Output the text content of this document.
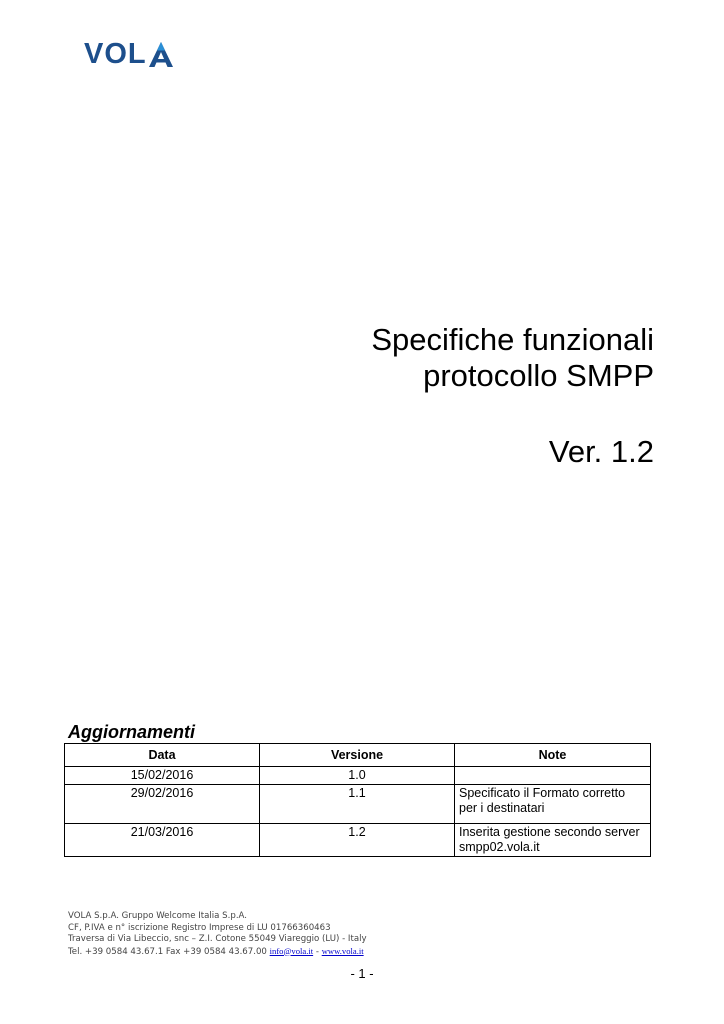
VOL
Specifiche funzionali
protocollo SMPP
Ver. 1.2
Aggiornamenti
Data	Versione	Note
15/02/2016	1.0	
29/02/2016	1.1	Specificato il Formato corretto per i destinatari
21/03/2016	1.2	Inserita gestione secondo server smpp02.vola.it
VOLA S.p.A. Gruppo Welcome Italia S.p.A.
CF, P.IVA e n° iscrizione Registro Imprese di LU 01766360463
Traversa di Via Libeccio, snc – Z.I. Cotone 55049 Viareggio (LU) - Italy
Tel. +39 0584 43.67.1 Fax +39 0584 43.67.00 info@vola.it - www.vola.it
- 1 -
